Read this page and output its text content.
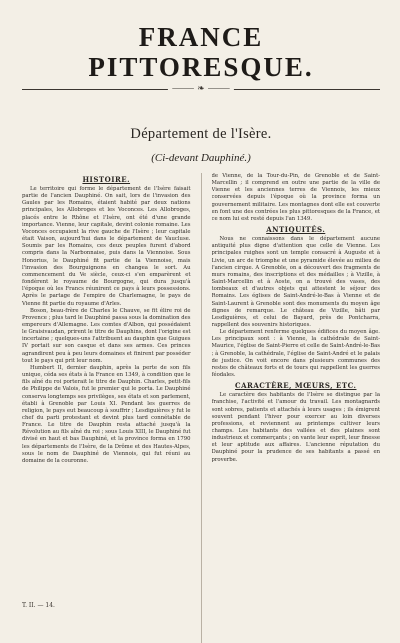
FRANCE PITTORESQUE.
⸻ ❧ ⸻
Département de l'Isère.
(Ci-devant Dauphiné.)
HISTOIRE.

Le territoire qui forme le département de l'Isère faisait partie de l'ancien Dauphiné. On sait, lors de l'invasion des Gaules par les Romains, étaient habité par deux nations principales, les Allobroges et les Voconces. Les Allobroges, placés entre le Rhône et l'Isère, ont été d'une grande importance. Vienne, leur capitale, devint colonie romaine. Les Voconces occupaient la rive gauche de l'Isère ; leur capitale était Vaison, aujourd'hui dans le département de Vaucluse. Soumis par les Romains, ces deux peuples furent d'abord compris dans la Narbonnaise, puis dans la Viennoise. Sous Honorius, le Dauphiné fit partie de la Viennoise, mais l'invasion des Bourguignons en changea le sort. Au commencement du Ve siècle, ceux-ci s'en emparèrent et fondèrent le royaume de Bourgogne, qui dura jusqu'à l'époque où les Francs réunirent ce pays à leurs possessions. Après le partage de l'empire de Charlemagne, le pays de Vienne fit partie du royaume d'Arles.

Boson, beau-frère de Charles le Chauve, se fit élire roi de Provence ; plus tard le Dauphiné passa sous la domination des empereurs d'Allemagne. Les comtes d'Albon, qui possédaient le Graisivaudan, prirent le titre de Dauphins, dont l'origine est incertaine ; quelques-uns l'attribuent au dauphin que Guigues IV portait sur son casque et dans ses armes. Ces princes agrandirent peu à peu leurs domaines et finirent par posséder tout le pays qui prit leur nom.

Humbert II, dernier dauphin, après la perte de son fils unique, céda ses états à la France en 1349, à condition que le fils aîné du roi porterait le titre de Dauphin. Charles, petit-fils de Philippe de Valois, fut le premier qui le porta. Le Dauphiné conserva longtemps ses privilèges, ses états et son parlement, établi à Grenoble par Louis XI. Pendant les guerres de religion, le pays eut beaucoup à souffrir ; Lesdiguières y fut le chef du parti protestant et devint plus tard connétable de France. Le titre de Dauphin resta attaché jusqu'à la Révolution au fils aîné du roi ; sous Louis XIII, le Dauphiné fut divisé en haut et bas Dauphiné, et la province forma en 1790 les départements de l'Isère, de la Drôme et des Hautes-Alpes, sous le nom de Dauphiné de Viennois, qui fut réuni au domaine de la couronne.

de Vienne, de la Tour-du-Pin, de Grenoble et de Saint-Marcellin ; il comprend en outre une partie de la ville de Vienne et les anciennes terres de Viennois, les mieux conservées depuis l'époque où la province forma un gouvernement militaire. Les montagnes dont elle est couverte en font une des contrées les plus pittoresques de la France, et ce nom lui est resté depuis l'an 1349.

ANTIQUITÉS.

Nous ne connaissons dans le département aucune antiquité plus digne d'attention que celle de Vienne. Les principales ruighes sont un temple consacré à Auguste et à Livie, un arc de triomphe et une pyramide élevée au milieu de l'ancien cirque. A Grenoble, on a découvert des fragments de murs romains, des inscriptions et des médailles ; à Vizille, à Saint-Marcellin et à Aoste, on a trouvé des vases, des tombeaux et d'autres objets qui attestent le séjour des Romains. Les églises de Saint-André-le-Bas à Vienne et de Saint-Laurent à Grenoble sont des monuments du moyen âge dignes de remarque. Le château de Vizille, bâti par Lesdiguières, et celui de Bayard, près de Pontcharra, rappellent des souvenirs historiques.

Le département renferme quelques édifices du moyen âge. Les principaux sont : à Vienne, la cathédrale de Saint-Maurice, l'église de Saint-Pierre et celle de Saint-André-le-Bas ; à Grenoble, la cathédrale, l'église de Saint-André et le palais de justice. On voit encore dans plusieurs communes des restes de châteaux forts et de tours qui rappellent les guerres féodales.

CARACTÈRE, MŒURS, ETC.

Le caractère des habitants de l'Isère se distingue par la franchise, l'activité et l'amour du travail. Les montagnards sont sobres, patients et attachés à leurs usages ; ils émigrent souvent pendant l'hiver pour exercer au loin diverses professions, et reviennent au printemps cultiver leurs champs. Les habitants des vallées et des plaines sont industrieux et commerçants ; on vante leur esprit, leur finesse et leur aptitude aux affaires. L'ancienne réputation du Dauphiné pour la prudence de ses habitants a passé en proverbe.

T. II. — 14.
